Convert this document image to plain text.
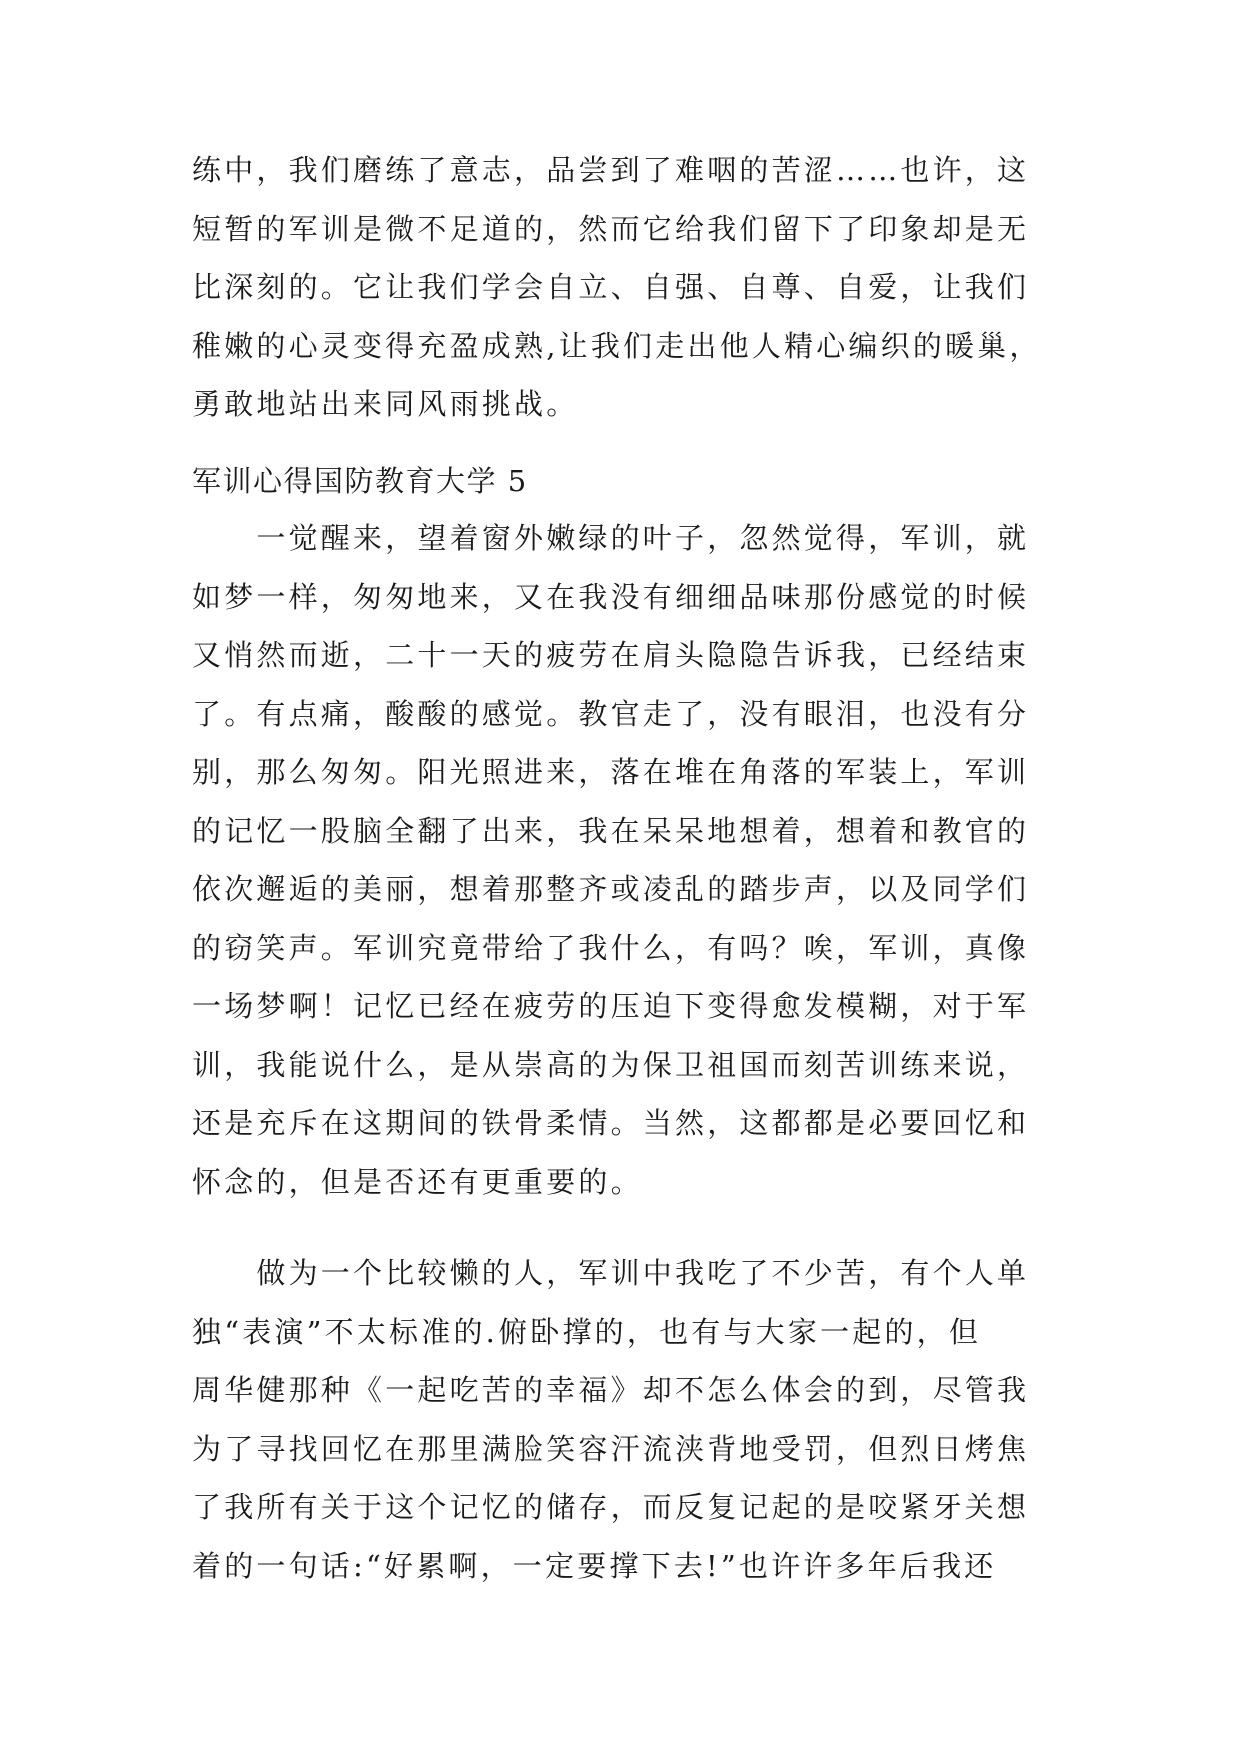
练中，我们磨练了意志，品尝到了难咽的苦涩……也许，这
短暂的军训是微不足道的，然而它给我们留下了印象却是无
比深刻的。它让我们学会自立、自强、自尊、自爱，让我们
稚嫩的心灵变得充盈成熟,让我们走出他人精心编织的暖巢，
勇敢地站出来同风雨挑战。
军训心得国防教育大学 5
　　一觉醒来，望着窗外嫩绿的叶子，忽然觉得，军训，就
如梦一样，匆匆地来，又在我没有细细品味那份感觉的时候
又悄然而逝，二十一天的疲劳在肩头隐隐告诉我，已经结束
了。有点痛，酸酸的感觉。教官走了，没有眼泪，也没有分
别，那么匆匆。阳光照进来，落在堆在角落的军装上，军训
的记忆一股脑全翻了出来，我在呆呆地想着，想着和教官的
依次邂逅的美丽，想着那整齐或凌乱的踏步声，以及同学们
的窃笑声。军训究竟带给了我什么，有吗？唉，军训，真像
一场梦啊！记忆已经在疲劳的压迫下变得愈发模糊，对于军
训，我能说什么，是从崇高的为保卫祖国而刻苦训练来说，
还是充斥在这期间的铁骨柔情。当然，这都都是必要回忆和
怀念的，但是否还有更重要的。
　　做为一个比较懒的人，军训中我吃了不少苦，有个人单
独“表演”不太标准的.俯卧撑的，也有与大家一起的，但
周华健那种《一起吃苦的幸福》却不怎么体会的到，尽管我
为了寻找回忆在那里满脸笑容汗流浃背地受罚，但烈日烤焦
了我所有关于这个记忆的储存，而反复记起的是咬紧牙关想
着的一句话:“好累啊，一定要撑下去!”也许许多年后我还
